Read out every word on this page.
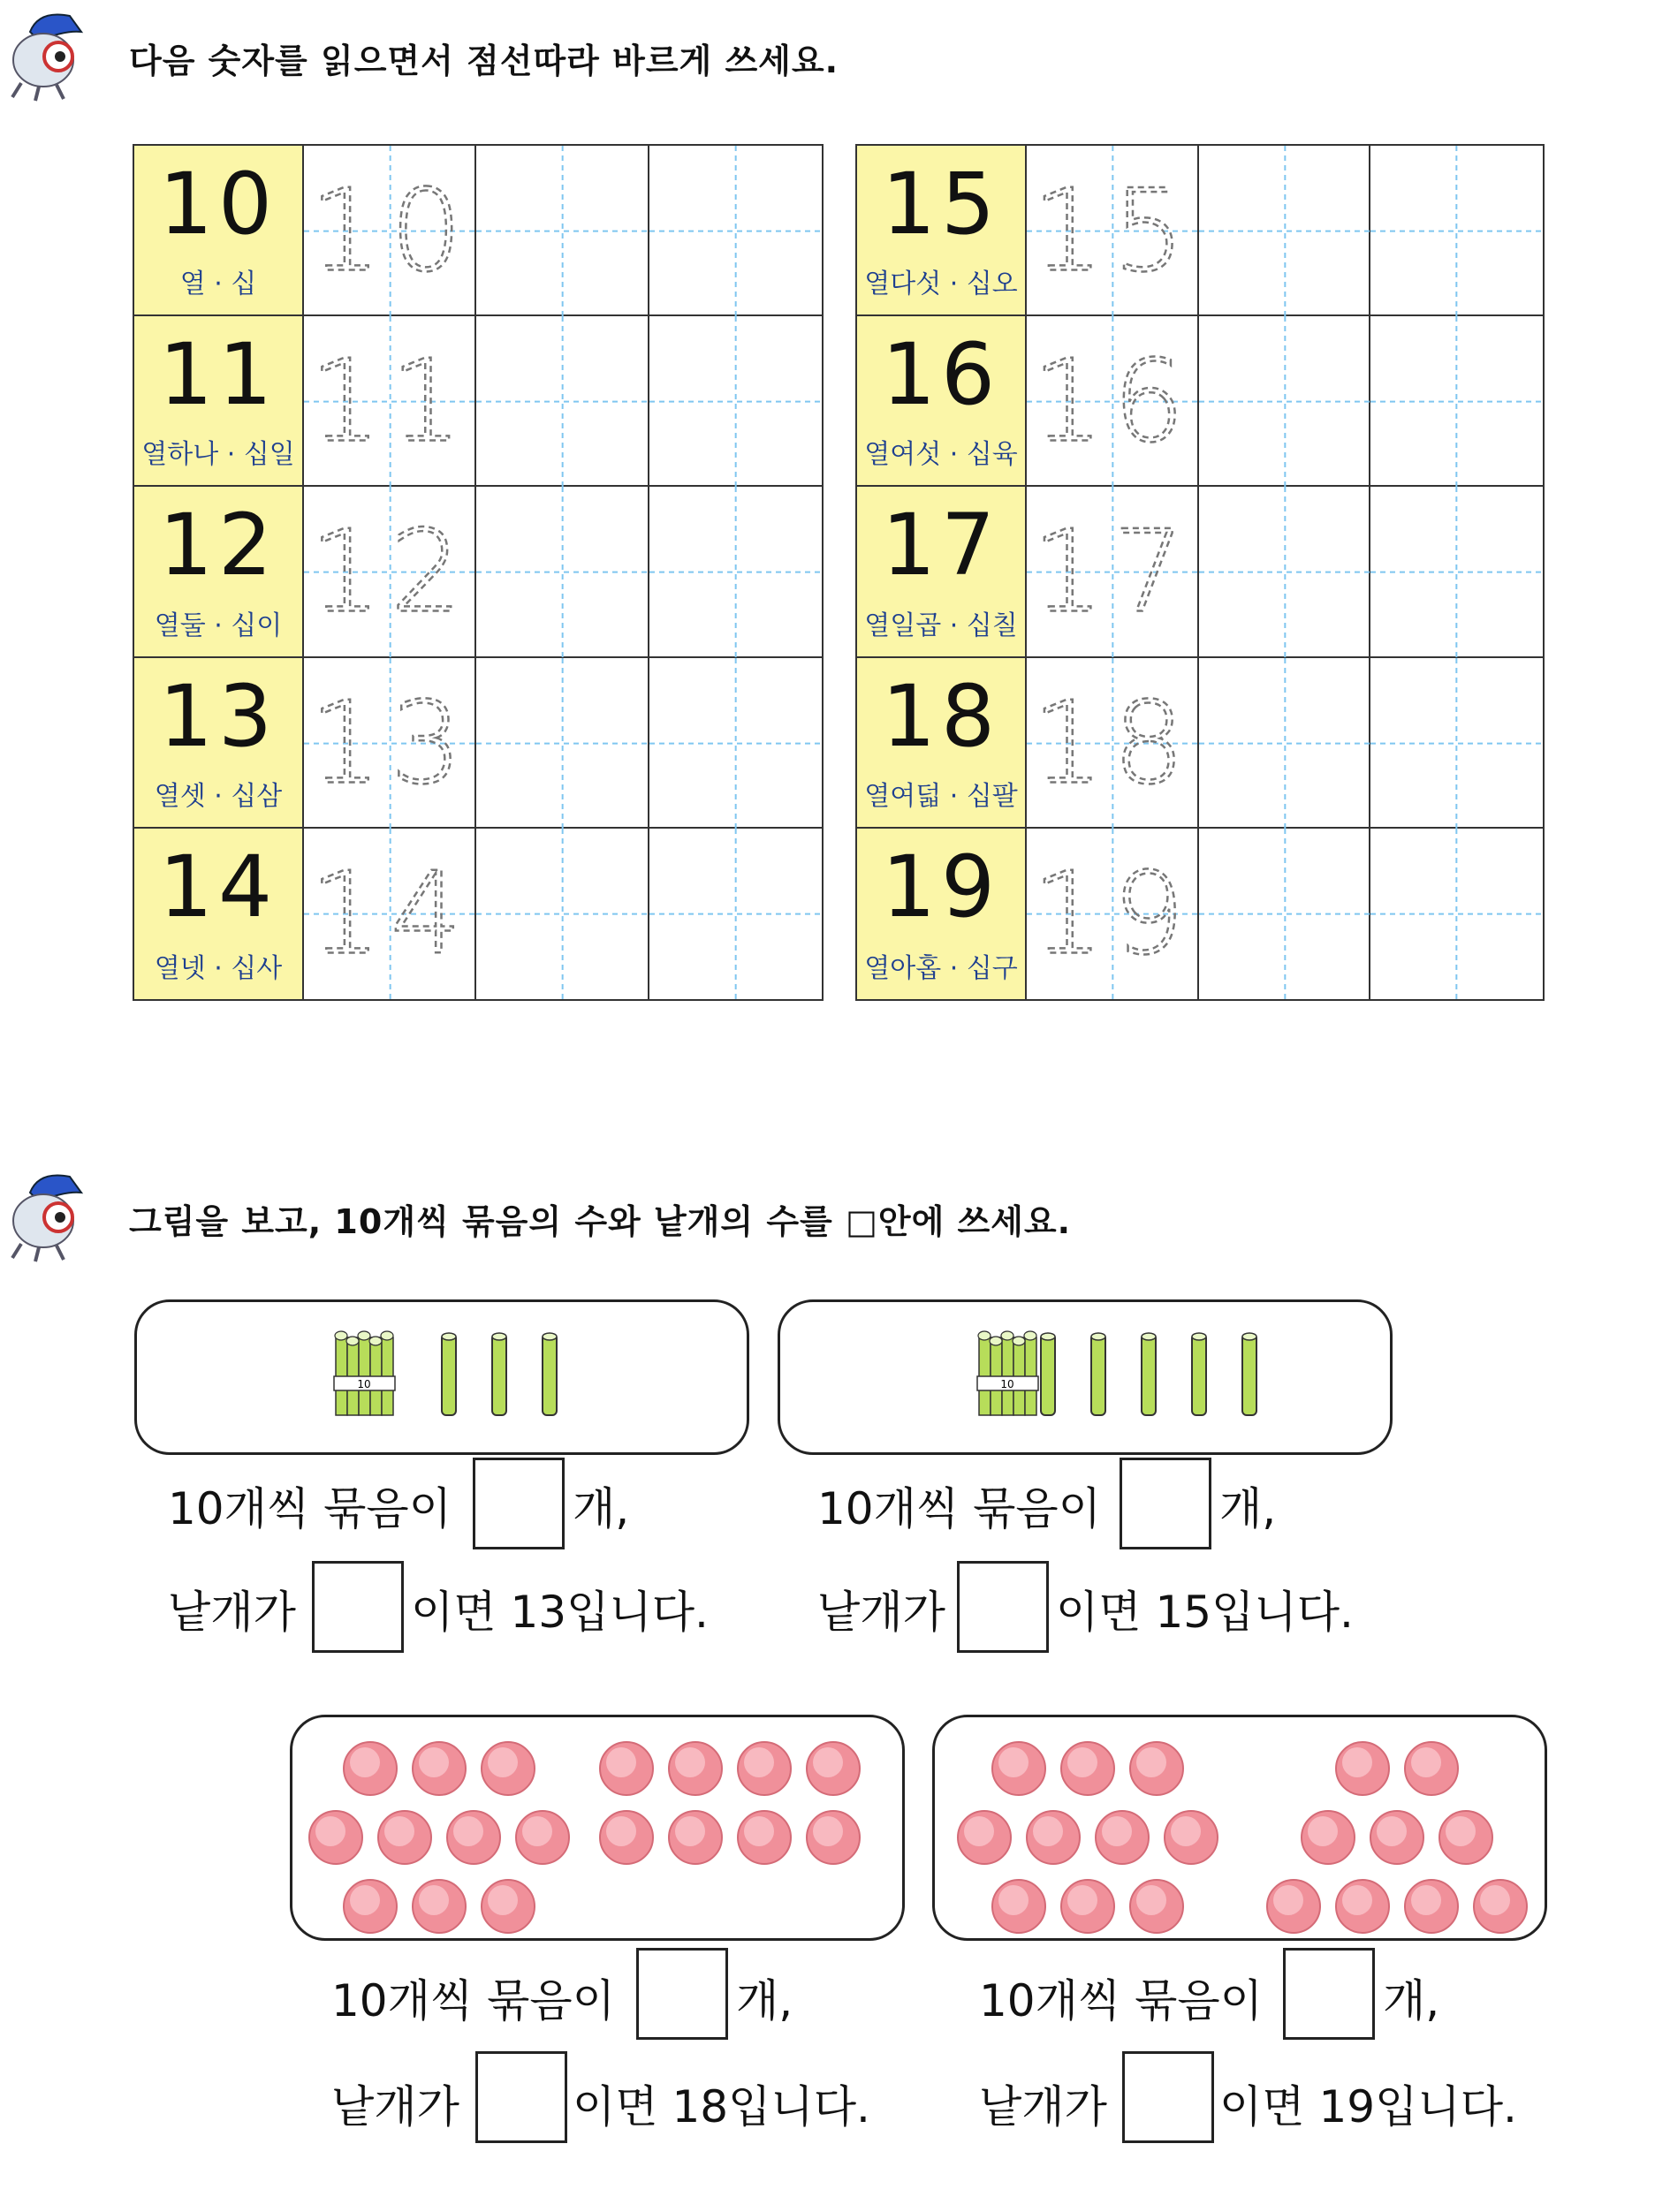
다음 숫자를 읽으면서 점선따라 바르게 쓰세요.
10
열 · 십 10
11
열하나 · 십일 11
12
열둘 · 십이 12
13
열셋 · 십삼 13
14
열넷 · 십사 14
15
열다섯 · 십오 15
16
열여섯 · 십육 16
17
열일곱 · 십칠 17
18
열여덟 · 십팔 18
19
열아홉 · 십구 19
그림을 보고, 10개씩 묶음의 수와 낱개의 수를 □안에 쓰세요.
10
10개씩 묶음이	개,
낱개가	이면 13입니다.
10
10개씩 묶음이	개,
낱개가	이면 15입니다.
10개씩 묶음이	개,
낱개가	이면 18입니다.
10개씩 묶음이	개,
낱개가	이면 19입니다.
